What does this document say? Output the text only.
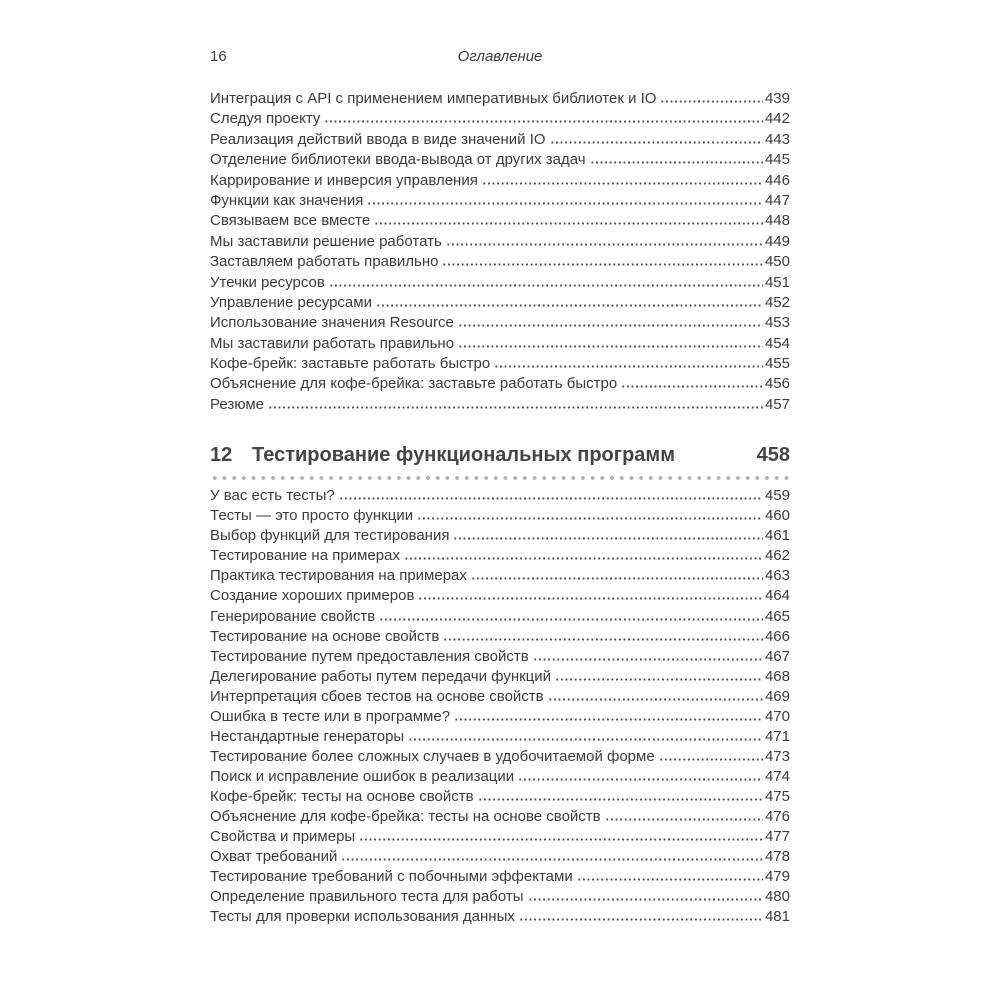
16	Оглавление
Интеграция с API с применением императивных библиотек и IO	439
Следуя проекту	442
Реализация действий ввода в виде значений IO	443
Отделение библиотеки ввода-вывода от других задач	445
Каррирование и инверсия управления	446
Функции как значения	447
Связываем все вместе	448
Мы заставили решение работать	449
Заставляем работать правильно	450
Утечки ресурсов	451
Управление ресурсами	452
Использование значения Resource	453
Мы заставили работать правильно	454
Кофе-брейк: заставьте работать быстро	455
Объяснение для кофе-брейка: заставьте работать быстро	456
Резюме	457
12 Тестирование функциональных программ	458
У вас есть тесты?	459
Тесты — это просто функции	460
Выбор функций для тестирования	461
Тестирование на примерах	462
Практика тестирования на примерах	463
Создание хороших примеров	464
Генерирование свойств	465
Тестирование на основе свойств	466
Тестирование путем предоставления свойств	467
Делегирование работы путем передачи функций	468
Интерпретация сбоев тестов на основе свойств	469
Ошибка в тесте или в программе?	470
Нестандартные генераторы	471
Тестирование более сложных случаев в удобочитаемой форме	473
Поиск и исправление ошибок в реализации	474
Кофе-брейк: тесты на основе свойств	475
Объяснение для кофе-брейка: тесты на основе свойств	476
Свойства и примеры	477
Охват требований	478
Тестирование требований с побочными эффектами	479
Определение правильного теста для работы	480
Тесты для проверки использования данных	481
